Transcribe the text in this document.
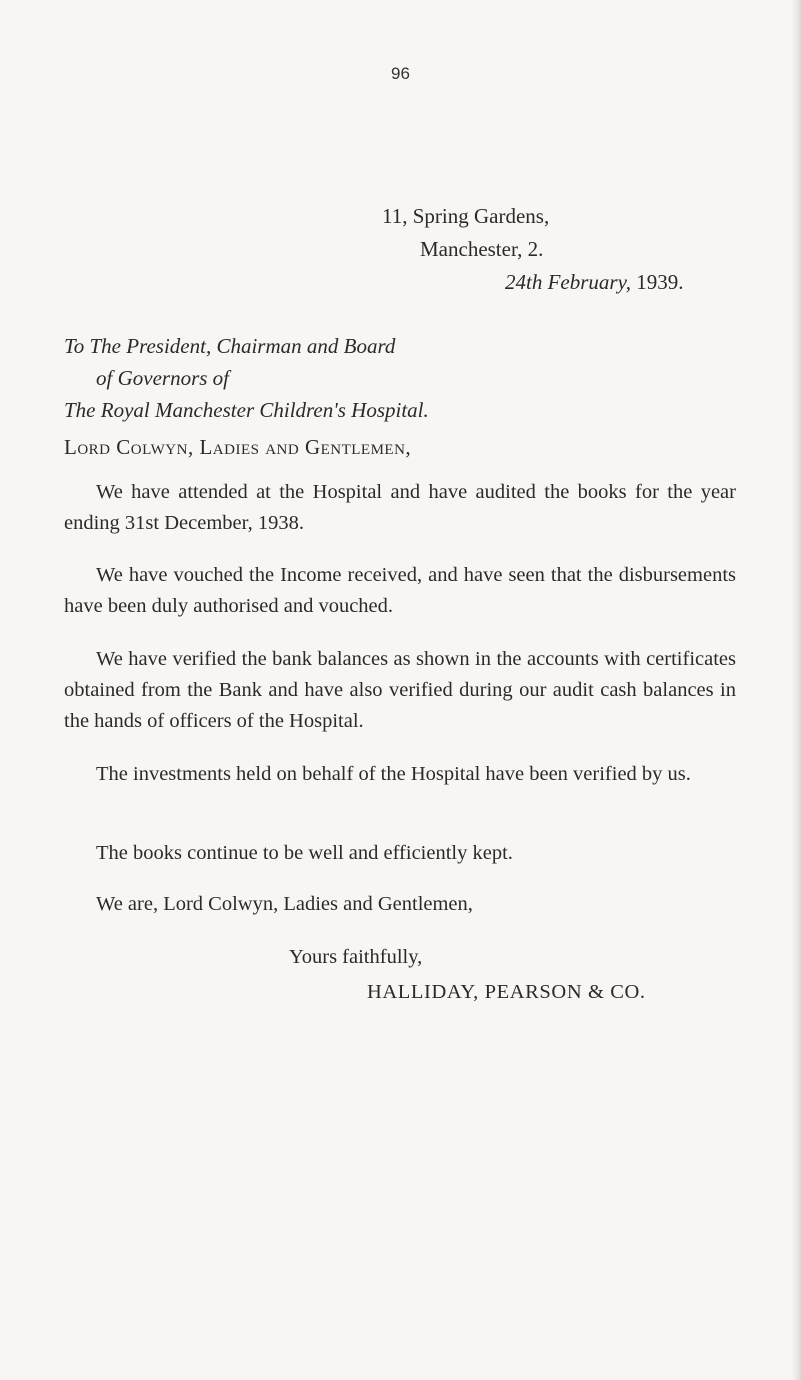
96
11, Spring Gardens,
Manchester, 2.
24th February, 1939.
To The President, Chairman and Board
of Governors of
The Royal Manchester Children's Hospital.
Lord Colwyn, Ladies and Gentlemen,

We have attended at the Hospital and have audited the books for the year ending 31st December, 1938.

We have vouched the Income received, and have seen that the disbursements have been duly authorised and vouched.

We have verified the bank balances as shown in the accounts with certificates obtained from the Bank and have also verified during our audit cash balances in the hands of officers of the Hospital.

The investments held on behalf of the Hospital have been verified by us.

The books continue to be well and efficiently kept.
We are, Lord Colwyn, Ladies and Gentlemen,
Yours faithfully,
HALLIDAY, PEARSON & CO.
